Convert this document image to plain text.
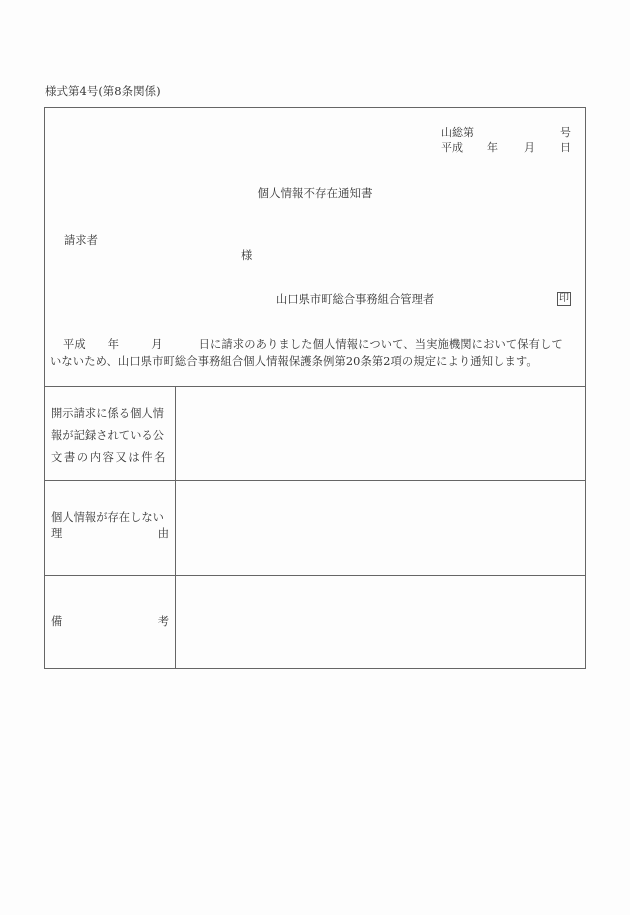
様式第4号(第8条関係)
山総第	号
平成 年 月 日
個人情報不存在通知書
請求者
様
山口県市町総合事務組合管理者	印
平成 年	月	日に請求のありました個人情報について、当実施機関において保有して
いないため、山口県市町総合事務組合個人情報保護条例第20条第2項の規定により通知します。
開示請求に係る個人情
報が記録されている公
文書の内容又は件名
個人情報が存在しない
理	由
備	考
